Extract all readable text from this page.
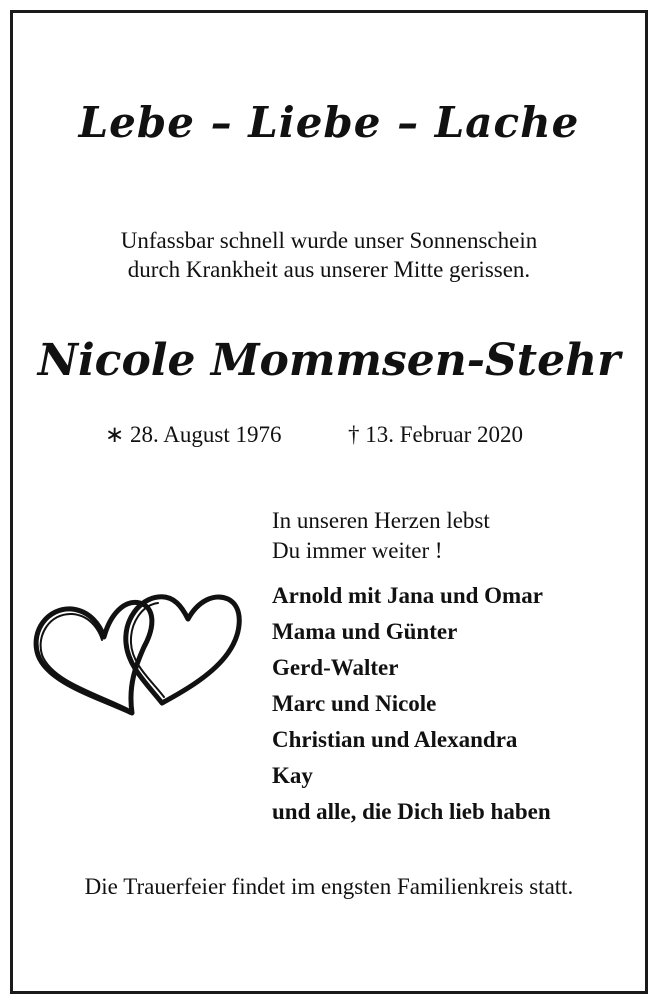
Lebe – Liebe – Lache
Unfassbar schnell wurde unser Sonnenschein
durch Krankheit aus unserer Mitte gerissen.
Nicole Mommsen-Stehr
∗ 28. August 1976	† 13. Februar 2020
In unseren Herzen lebst
Du immer weiter !
Arnold mit Jana und Omar
Mama und Günter
Gerd-Walter
Marc und Nicole
Christian und Alexandra
Kay
und alle, die Dich lieb haben
Die Trauerfeier findet im engsten Familienkreis statt.
